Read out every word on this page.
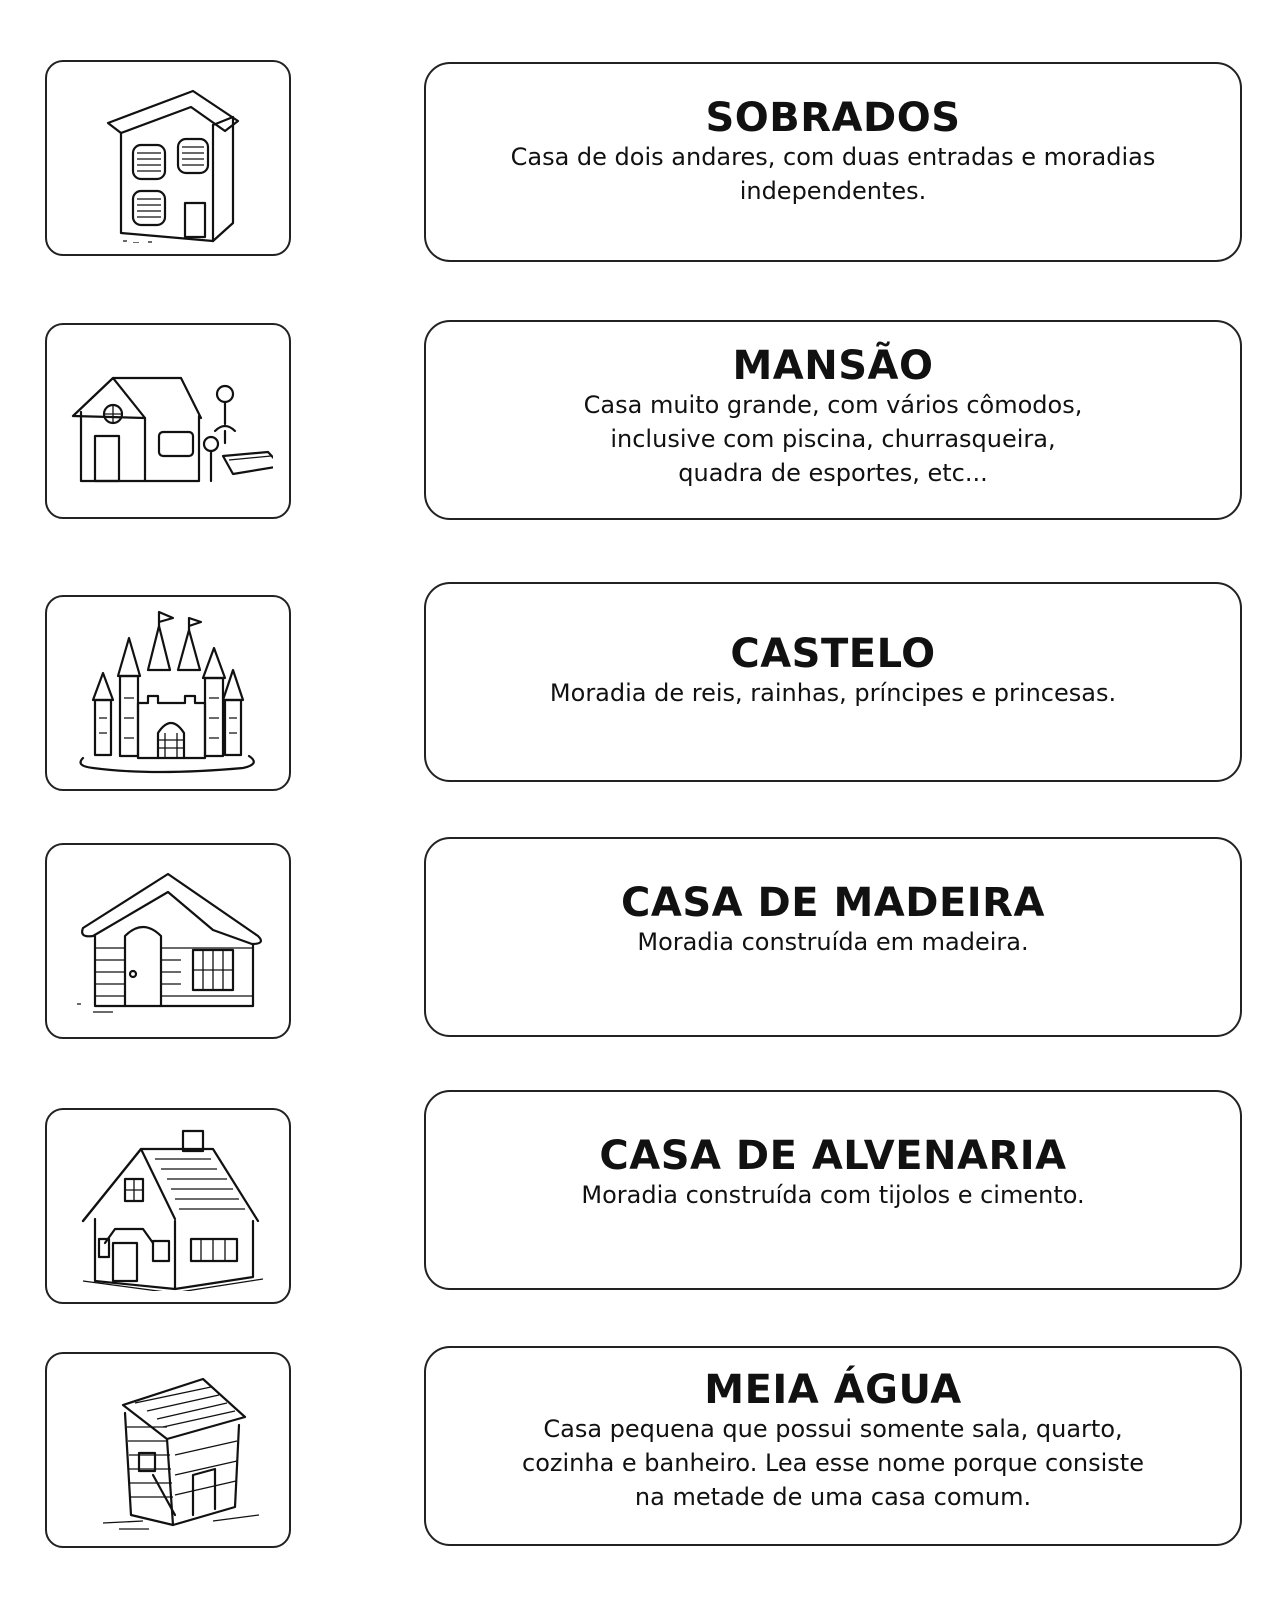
SOBRADOS

Casa de dois andares, com duas entradas e moradias
independentes.

MANSÃO

Casa muito grande, com vários cômodos,
inclusive com piscina, churrasqueira,
quadra de esportes, etc...

CASTELO

Moradia de reis, rainhas, príncipes e princesas.

CASA DE MADEIRA

Moradia construída em madeira.

CASA DE ALVENARIA

Moradia construída com tijolos e cimento.

MEIA ÁGUA

Casa pequena que possui somente sala, quarto,
cozinha e banheiro. Lea esse nome porque consiste
na metade de uma casa comum.
